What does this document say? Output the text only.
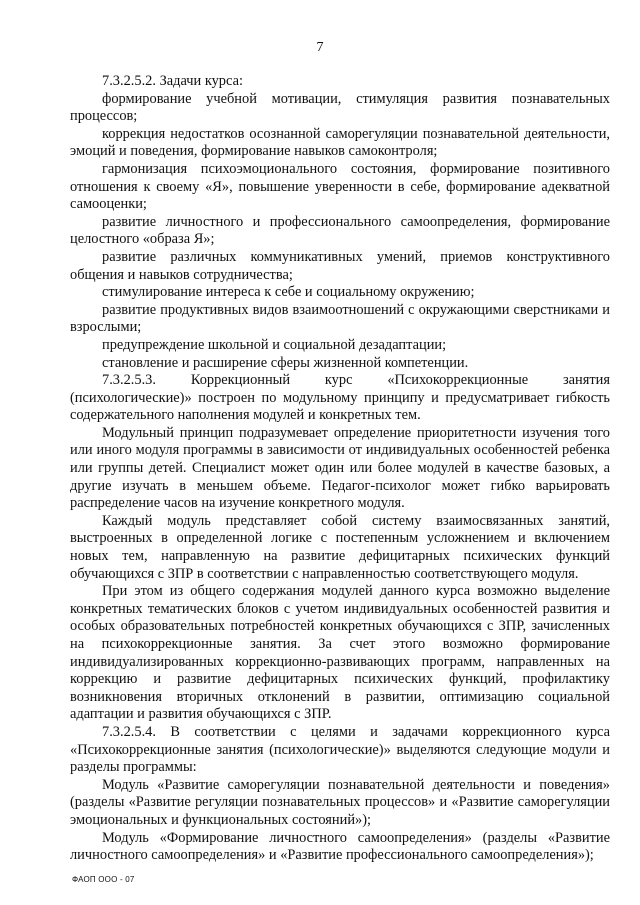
7

7.3.2.5.2. Задачи курса:

формирование учебной мотивации, стимуляция развития познавательных процессов;

коррекция недостатков осознанной саморегуляции познавательной деятельности, эмоций и поведения, формирование навыков самоконтроля;

гармонизация психоэмоционального состояния, формирование позитивного отношения к своему «Я», повышение уверенности в себе, формирование адекватной самооценки;

развитие личностного и профессионального самоопределения, формирование целостного «образа Я»;

развитие различных коммуникативных умений, приемов конструктивного общения и навыков сотрудничества;

стимулирование интереса к себе и социальному окружению;

развитие продуктивных видов взаимоотношений с окружающими сверстниками и взрослыми;

предупреждение школьной и социальной дезадаптации;

становление и расширение сферы жизненной компетенции.

7.3.2.5.3. Коррекционный курс «Психокоррекционные занятия (психологические)» построен по модульному принципу и предусматривает гибкость содержательного наполнения модулей и конкретных тем.

Модульный принцип подразумевает определение приоритетности изучения того или иного модуля программы в зависимости от индивидуальных особенностей ребенка или группы детей. Специалист может один или более модулей в качестве базовых, а другие изучать в меньшем объеме. Педагог-психолог может гибко варьировать распределение часов на изучение конкретного модуля.

Каждый модуль представляет собой систему взаимосвязанных занятий, выстроенных в определенной логике с постепенным усложнением и включением новых тем, направленную на развитие дефицитарных психических функций обучающихся с ЗПР в соответствии с направленностью соответствующего модуля.

При этом из общего содержания модулей данного курса возможно выделение конкретных тематических блоков с учетом индивидуальных особенностей развития и особых образовательных потребностей конкретных обучающихся с ЗПР, зачисленных на психокоррекционные занятия. За счет этого возможно формирование индивидуализированных коррекционно-развивающих программ, направленных на коррекцию и развитие дефицитарных психических функций, профилактику возникновения вторичных отклонений в развитии, оптимизацию социальной адаптации и развития обучающихся с ЗПР.

7.3.2.5.4. В соответствии с целями и задачами коррекционного курса «Психокоррекционные занятия (психологические)» выделяются следующие модули и разделы программы:

Модуль «Развитие саморегуляции познавательной деятельности и поведения» (разделы «Развитие регуляции познавательных процессов» и «Развитие саморегуляции эмоциональных и функциональных состояний»);

Модуль «Формирование личностного самоопределения» (разделы «Развитие личностного самоопределения» и «Развитие профессионального самоопределения»);

ФАОП ООО - 07
